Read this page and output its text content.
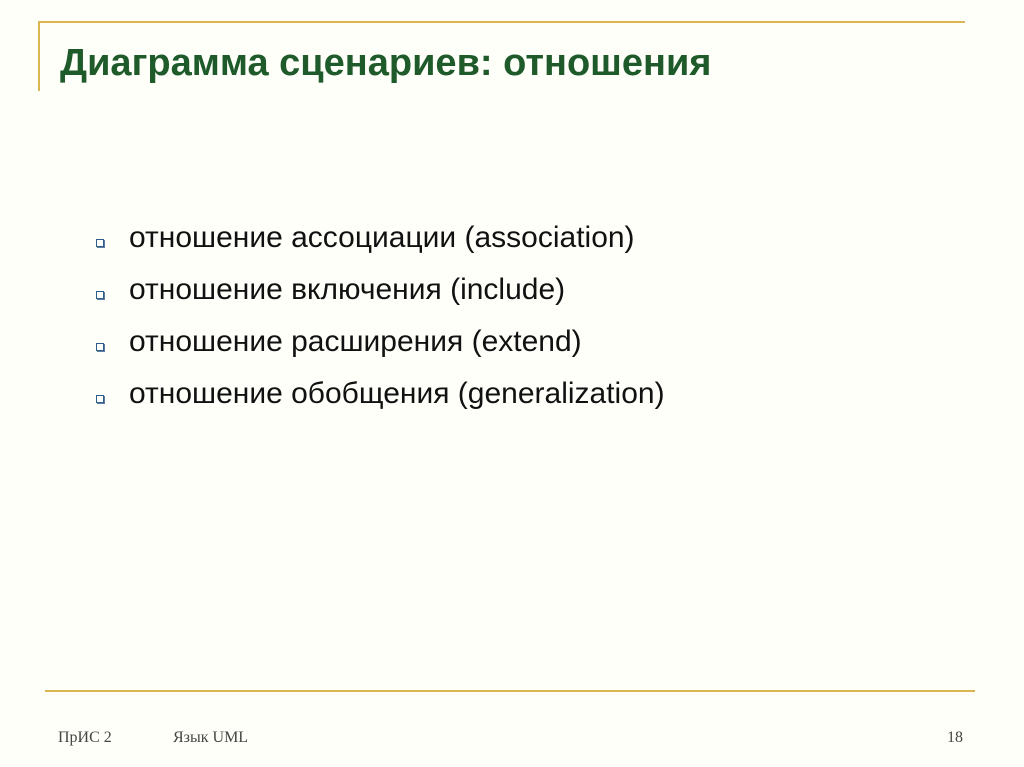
Диаграмма сценариев: отношения
отношение ассоциации (association)
отношение включения (include)
отношение расширения (extend)
отношение обобщения (generalization)
ПрИС 2	Язык UML	18
